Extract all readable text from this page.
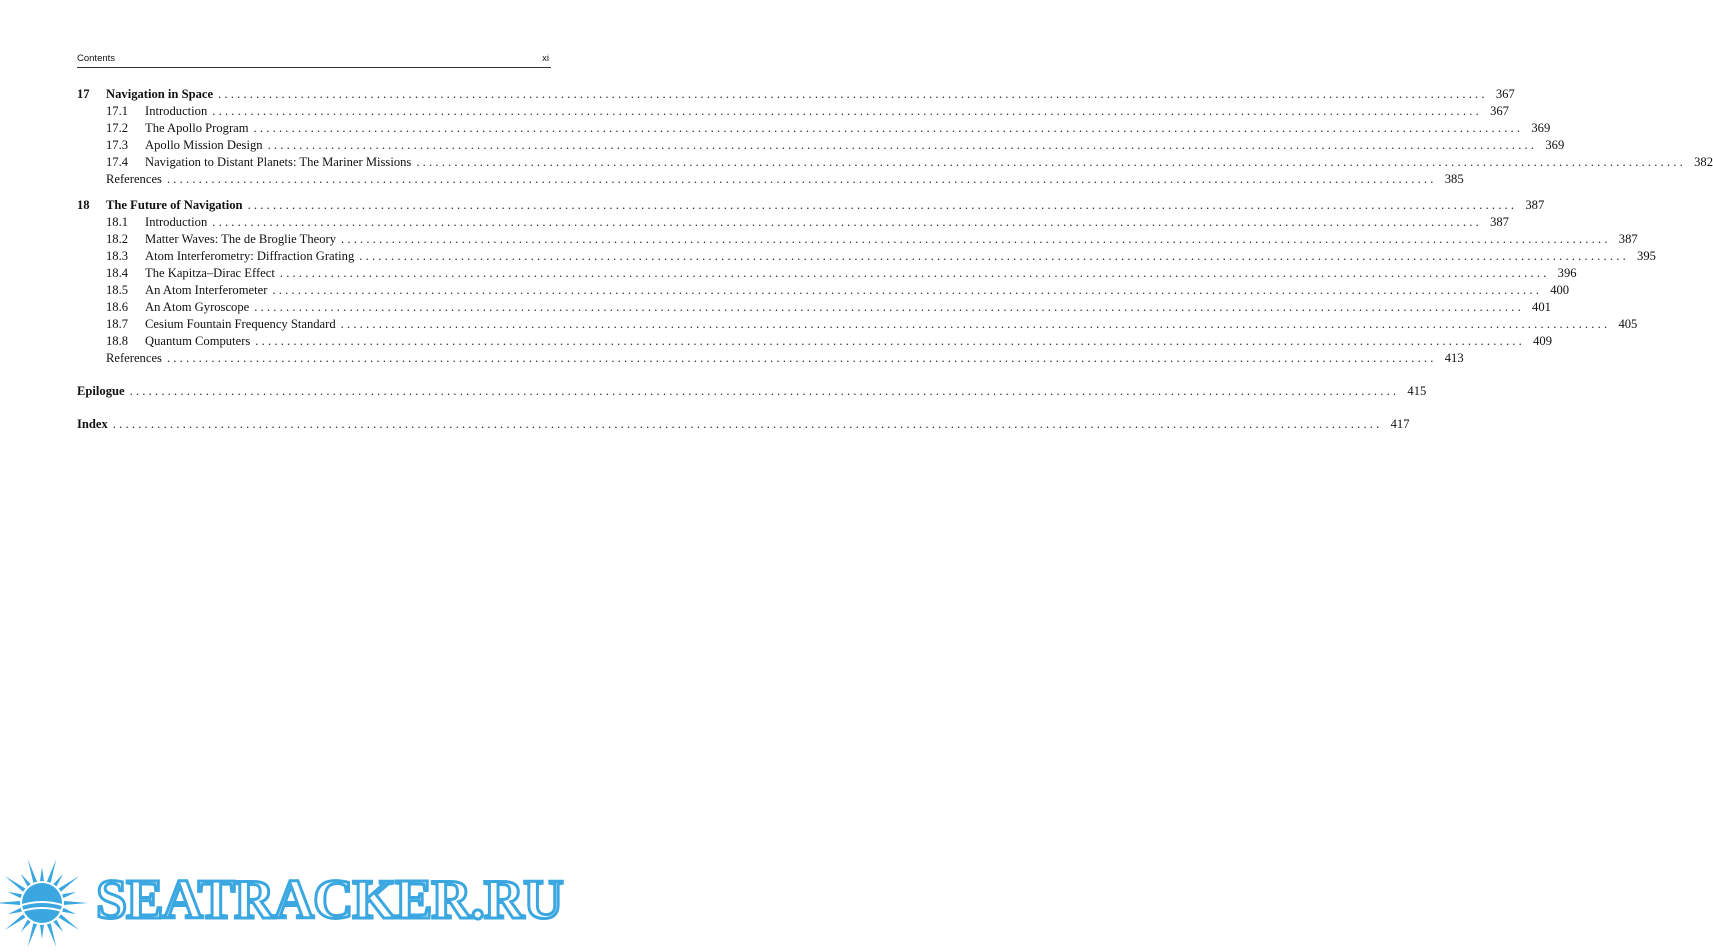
Contents	xi
17	Navigation in Space ........................................................................................................................................................................................................ 367
17.1	Introduction ........................................................................................................................................................................................................ 367
17.2	The Apollo Program ........................................................................................................................................................................................................ 369
17.3	Apollo Mission Design ........................................................................................................................................................................................................ 369
17.4	Navigation to Distant Planets: The Mariner Missions ........................................................................................................................................................................................................ 382
References ........................................................................................................................................................................................................ 385
18	The Future of Navigation ........................................................................................................................................................................................................ 387
18.1	Introduction ........................................................................................................................................................................................................ 387
18.2	Matter Waves: The de Broglie Theory ........................................................................................................................................................................................................ 387
18.3	Atom Interferometry: Diffraction Grating ........................................................................................................................................................................................................ 395
18.4	The Kapitza–Dirac Effect ........................................................................................................................................................................................................ 396
18.5	An Atom Interferometer ........................................................................................................................................................................................................ 400
18.6	An Atom Gyroscope ........................................................................................................................................................................................................ 401
18.7	Cesium Fountain Frequency Standard ........................................................................................................................................................................................................ 405
18.8	Quantum Computers ........................................................................................................................................................................................................ 409
References ........................................................................................................................................................................................................ 413
Epilogue ........................................................................................................................................................................................................ 415
Index ........................................................................................................................................................................................................ 417
SEATRACKER.RU
